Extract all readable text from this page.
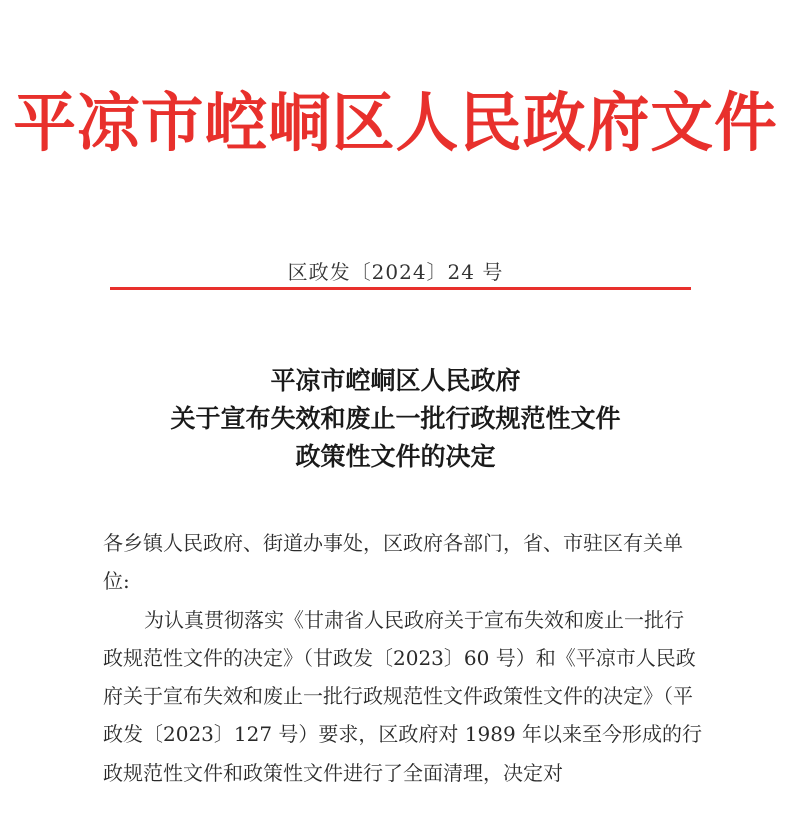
平凉市崆峒区人民政府文件
区政发〔2024〕24 号
平凉市崆峒区人民政府
关于宣布失效和废止一批行政规范性文件
政策性文件的决定

各乡镇人民政府、街道办事处，区政府各部门，省、市驻区有关单位:

为认真贯彻落实《甘肃省人民政府关于宣布失效和废止一批行政规范性文件的决定》（甘政发〔2023〕60 号）和《平凉市人民政府关于宣布失效和废止一批行政规范性文件政策性文件的决定》（平政发〔2023〕127 号）要求，区政府对 1989 年以来至今形成的行政规范性文件和政策性文件进行了全面清理，决定对
